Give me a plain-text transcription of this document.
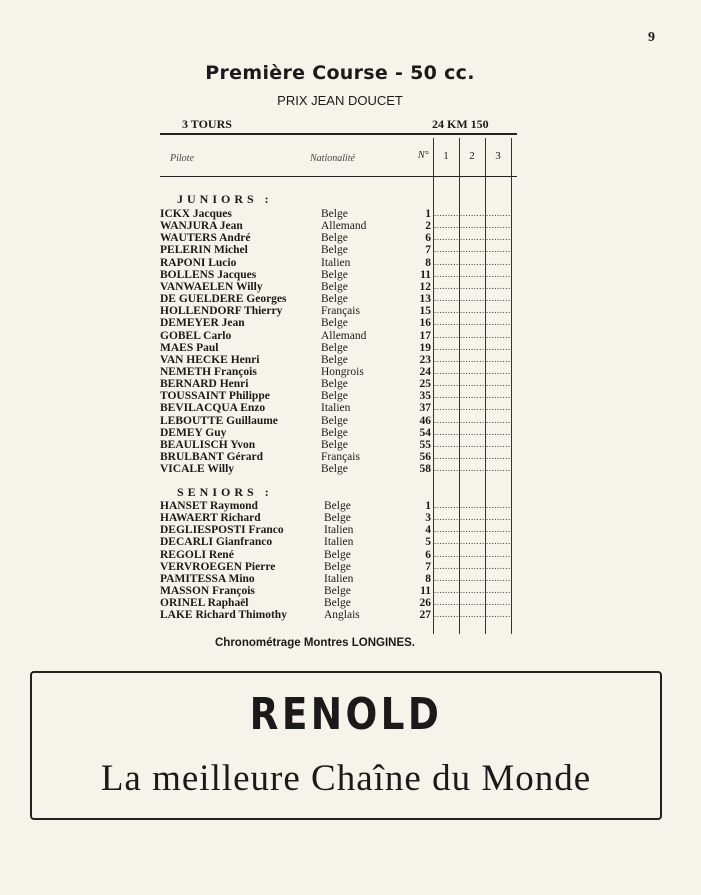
9
Première Course - 50 cc.
PRIX JEAN DOUCET
3 TOURS	24 KM 150
Pilote	Nationalité	N°	1	2	3
JUNIORS :
ICKX Jacques	Belge	1 ......... ......... .........
WANJURA Jean	Allemand	2 ......... ......... .........
WAUTERS André	Belge	6 ......... ......... .........
PELERIN Michel	Belge	7 ......... ......... .........
RAPONI Lucio	Italien	8 ......... ......... .........
BOLLENS Jacques	Belge	11 ......... ......... .........
VANWAELEN Willy	Belge	12 ......... ......... .........
DE GUELDERE Georges	Belge	13 ......... ......... .........
HOLLENDORF Thierry	Français	15 ......... ......... .........
DEMEYER Jean	Belge	16 ......... ......... .........
GOBEL Carlo	Allemand	17 ......... ......... .........
MAES Paul	Belge	19 ......... ......... .........
VAN HECKE Henri	Belge	23 ......... ......... .........
NEMETH François	Hongrois	24 ......... ......... .........
BERNARD Henri	Belge	25 ......... ......... .........
TOUSSAINT Philippe	Belge	35 ......... ......... .........
BEVILACQUA Enzo	Italien	37 ......... ......... .........
LEBOUTTE Guillaume	Belge	46 ......... ......... .........
DEMEY Guy	Belge	54 ......... ......... .........
BEAULISCH Yvon	Belge	55 ......... ......... .........
BRULBANT Gérard	Français	56 ......... ......... .........
VICALE Willy	Belge	58 ......... ......... .........
SENIORS :
HANSET Raymond	Belge	1 ......... ......... .........
HAWAERT Richard	Belge	3 ......... ......... .........
DEGLIESPOSTI Franco	Italien	4 ......... ......... .........
DECARLI Gianfranco	Italien	5 ......... ......... .........
REGOLI René	Belge	6 ......... ......... .........
VERVROEGEN Pierre	Belge	7 ......... ......... .........
PAMITESSA Mino	Italien	8 ......... ......... .........
MASSON François	Belge	11 ......... ......... .........
ORINEL Raphaël	Belge	26 ......... ......... .........
LAKE Richard Thimothy	Anglais	27 ......... ......... .........
Chronométrage Montres LONGINES.
RENOLD
La meilleure Chaîne du Monde
